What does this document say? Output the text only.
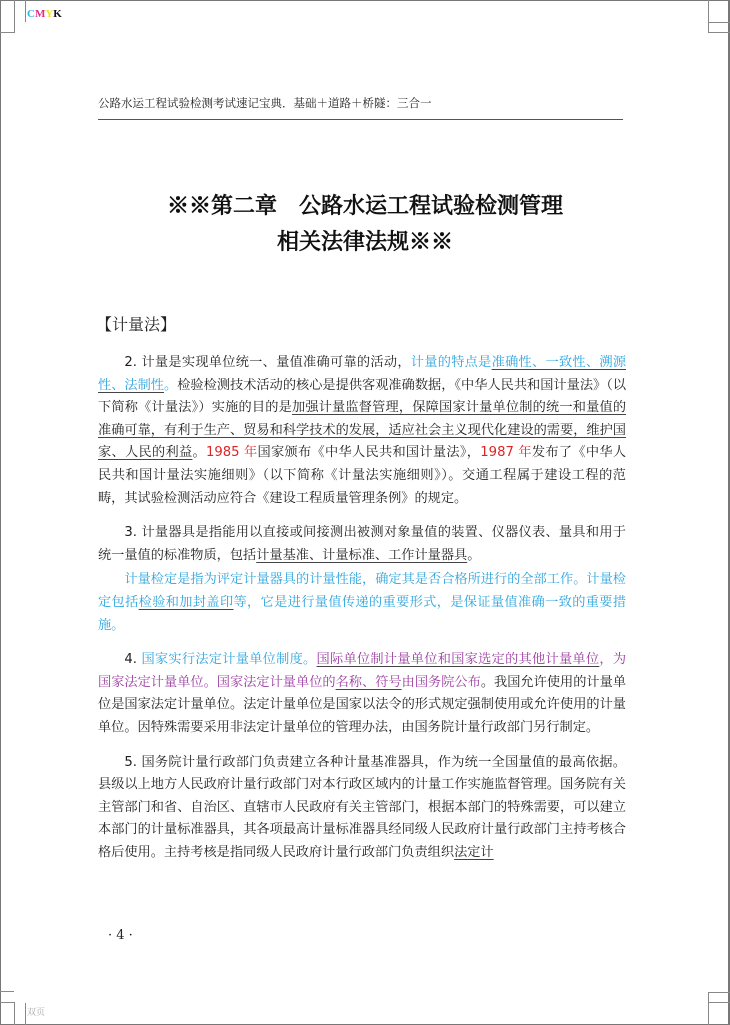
CMYK
双页
公路水运工程试验检测考试速记宝典．基础＋道路＋桥隧：三合一
※※第二章　公路水运工程试验检测管理
相关法律法规※※
【计量法】

2. 计量是实现单位统一、量值准确可靠的活动，计量的特点是准确性、一致性、溯源性、法制性。检验检测技术活动的核心是提供客观准确数据，《中华人民共和国计量法》（以下简称《计量法》）实施的目的是加强计量监督管理，保障国家计量单位制的统一和量值的准确可靠，有利于生产、贸易和科学技术的发展，适应社会主义现代化建设的需要，维护国家、人民的利益。1985 年国家颁布《中华人民共和国计量法》，1987 年发布了《中华人民共和国计量法实施细则》（以下简称《计量法实施细则》）。交通工程属于建设工程的范畴，其试验检测活动应符合《建设工程质量管理条例》的规定。

3. 计量器具是指能用以直接或间接测出被测对象量值的装置、仪器仪表、量具和用于统一量值的标准物质，包括计量基准、计量标准、工作计量器具。

计量检定是指为评定计量器具的计量性能，确定其是否合格所进行的全部工作。计量检定包括检验和加封盖印等，它是进行量值传递的重要形式，是保证量值准确一致的重要措施。

4. 国家实行法定计量单位制度。国际单位制计量单位和国家选定的其他计量单位，为国家法定计量单位。国家法定计量单位的名称、符号由国务院公布。我国允许使用的计量单位是国家法定计量单位。法定计量单位是国家以法令的形式规定强制使用或允许使用的计量单位。因特殊需要采用非法定计量单位的管理办法，由国务院计量行政部门另行制定。

5. 国务院计量行政部门负责建立各种计量基准器具，作为统一全国量值的最高依据。县级以上地方人民政府计量行政部门对本行政区域内的计量工作实施监督管理。国务院有关主管部门和省、自治区、直辖市人民政府有关主管部门，根据本部门的特殊需要，可以建立本部门的计量标准器具，其各项最高计量标准器具经同级人民政府计量行政部门主持考核合格后使用。主持考核是指同级人民政府计量行政部门负责组织法定计

· 4 ·
